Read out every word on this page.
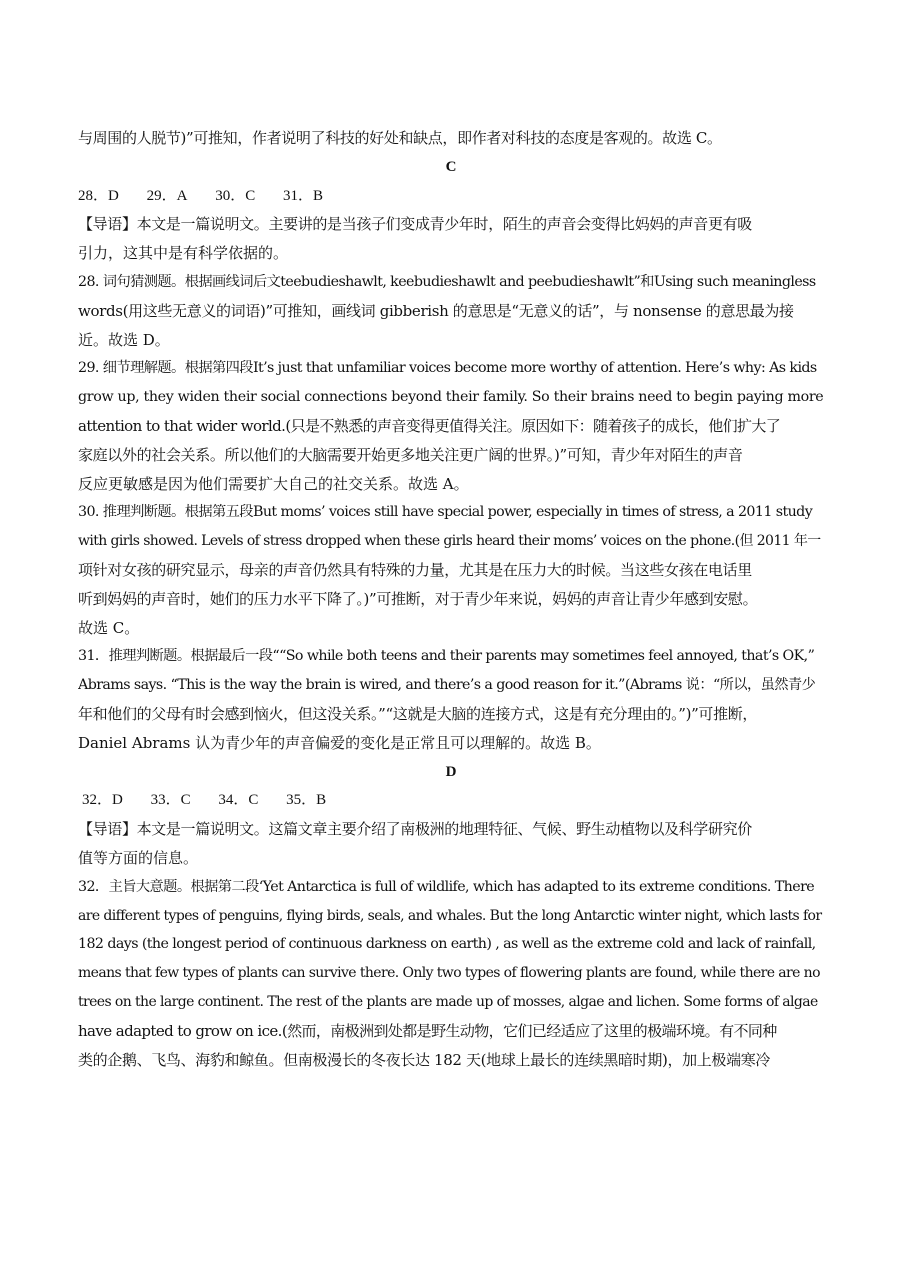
与周围的人脱节)”可推知，作者说明了科技的好处和缺点，即作者对科技的态度是客观的。故选 C。
C
28．D 29．A 30．C 31．B
【导语】本文是一篇说明文。主要讲的是当孩子们变成青少年时，陌生的声音会变得比妈妈的声音更有吸
引力，这其中是有科学依据的。
28. 词句猜测题。根据画线词后文teebudieshawlt, keebudieshawlt and peebudieshawlt”和Using such meaningless
words(用这些无意义的词语)”可推知，画线词 gibberish 的意思是“无意义的话”，与 nonsense 的意思最为接
近。故选 D。
29. 细节理解题。根据第四段It’s just that unfamiliar voices become more worthy of attention. Here’s why: As kids
grow up, they widen their social connections beyond their family. So their brains need to begin paying more
attention to that wider world.(只是不熟悉的声音变得更值得关注。原因如下：随着孩子的成长，他们扩大了
家庭以外的社会关系。所以他们的大脑需要开始更多地关注更广阔的世界。)”可知，青少年对陌生的声音
反应更敏感是因为他们需要扩大自己的社交关系。故选 A。
30. 推理判断题。根据第五段But moms’ voices still have special power, especially in times of stress, a 2011 study
with girls showed. Levels of stress dropped when these girls heard their moms’ voices on the phone.(但 2011 年一
项针对女孩的研究显示，母亲的声音仍然具有特殊的力量，尤其是在压力大的时候。当这些女孩在电话里
听到妈妈的声音时，她们的压力水平下降了。)”可推断，对于青少年来说，妈妈的声音让青少年感到安慰。
故选 C。
31．推理判断题。根据最后一段““So while both teens and their parents may sometimes feel annoyed, that’s OK,”
Abrams says. “This is the way the brain is wired, and there’s a good reason for it.”(Abrams 说：“所以，虽然青少
年和他们的父母有时会感到恼火，但这没关系。”“这就是大脑的连接方式，这是有充分理由的。”)”可推断，
Daniel Abrams 认为青少年的声音偏爱的变化是正常且可以理解的。故选 B。
D
32．D 33．C 34．C 35．B
【导语】本文是一篇说明文。这篇文章主要介绍了南极洲的地理特征、气候、野生动植物以及科学研究价
值等方面的信息。
32．主旨大意题。根据第二段‘Yet Antarctica is full of wildlife, which has adapted to its extreme conditions. There
are different types of penguins, flying birds, seals, and whales. But the long Antarctic winter night, which lasts for
182 days (the longest period of continuous darkness on earth) , as well as the extreme cold and lack of rainfall,
means that few types of plants can survive there. Only two types of flowering plants are found, while there are no
trees on the large continent. The rest of the plants are made up of mosses, algae and lichen. Some forms of algae
have adapted to grow on ice.(然而，南极洲到处都是野生动物，它们已经适应了这里的极端环境。有不同种
类的企鹅、飞鸟、海豹和鲸鱼。但南极漫长的冬夜长达 182 天(地球上最长的连续黑暗时期)，加上极端寒冷
